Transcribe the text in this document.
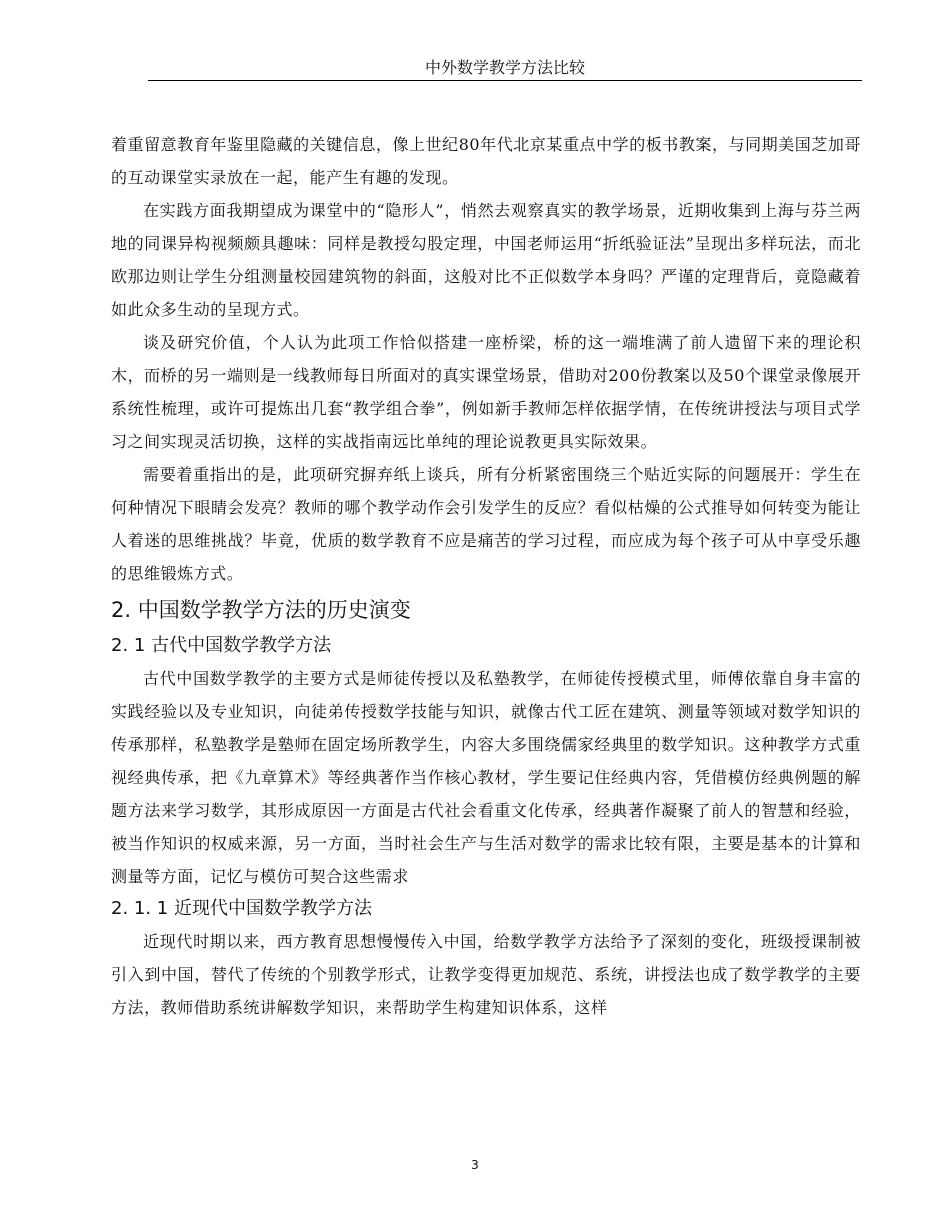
中外数学教学方法比较

着重留意教育年鉴里隐藏的关键信息，像上世纪80年代北京某重点中学的板书教案，与同期美国芝加哥的互动课堂实录放在一起，能产生有趣的发现。

在实践方面我期望成为课堂中的“隐形人”，悄然去观察真实的教学场景，近期收集到上海与芬兰两地的同课异构视频颇具趣味：同样是教授勾股定理，中国老师运用“折纸验证法”呈现出多样玩法，而北欧那边则让学生分组测量校园建筑物的斜面，这般对比不正似数学本身吗？严谨的定理背后，竟隐藏着如此众多生动的呈现方式。

谈及研究价值，个人认为此项工作恰似搭建一座桥梁，桥的这一端堆满了前人遗留下来的理论积木，而桥的另一端则是一线教师每日所面对的真实课堂场景，借助对200份教案以及50个课堂录像展开系统性梳理，或许可提炼出几套“教学组合拳”，例如新手教师怎样依据学情，在传统讲授法与项目式学习之间实现灵活切换，这样的实战指南远比单纯的理论说教更具实际效果。

需要着重指出的是，此项研究摒弃纸上谈兵，所有分析紧密围绕三个贴近实际的问题展开：学生在何种情况下眼睛会发亮？教师的哪个教学动作会引发学生的反应？看似枯燥的公式推导如何转变为能让人着迷的思维挑战？毕竟，优质的数学教育不应是痛苦的学习过程，而应成为每个孩子可从中享受乐趣的思维锻炼方式。

2. 中国数学教学方法的历史演变
2. 1 古代中国数学教学方法

古代中国数学教学的主要方式是师徒传授以及私塾教学，在师徒传授模式里，师傅依靠自身丰富的实践经验以及专业知识，向徒弟传授数学技能与知识，就像古代工匠在建筑、测量等领域对数学知识的传承那样，私塾教学是塾师在固定场所教学生，内容大多围绕儒家经典里的数学知识。这种教学方式重视经典传承，把《九章算术》等经典著作当作核心教材，学生要记住经典内容，凭借模仿经典例题的解题方法来学习数学，其形成原因一方面是古代社会看重文化传承，经典著作凝聚了前人的智慧和经验，被当作知识的权威来源，另一方面，当时社会生产与生活对数学的需求比较有限，主要是基本的计算和测量等方面，记忆与模仿可契合这些需求

2. 1. 1 近现代中国数学教学方法

近现代时期以来，西方教育思想慢慢传入中国，给数学教学方法给予了深刻的变化，班级授课制被引入到中国，替代了传统的个别教学形式，让教学变得更加规范、系统，讲授法也成了数学教学的主要方法，教师借助系统讲解数学知识，来帮助学生构建知识体系，这样

3
